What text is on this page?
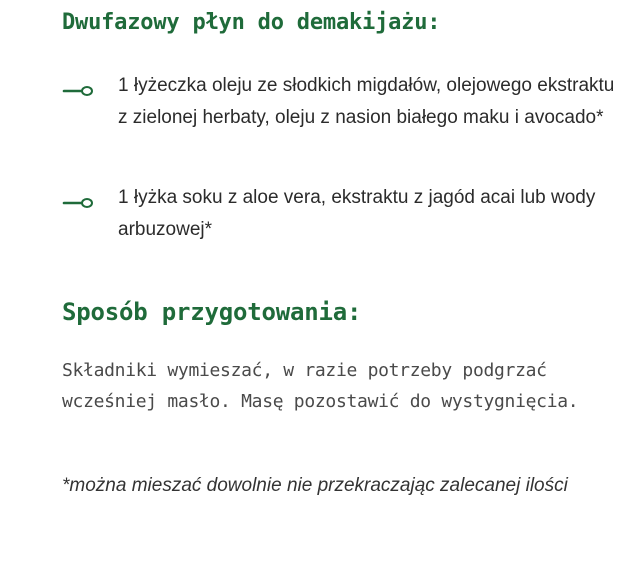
Dwufazowy płyn do demakijażu:
1 łyżeczka oleju ze słodkich migdałów, olejowego ekstraktu z zielonej herbaty, oleju z nasion białego maku i avocado*
1 łyżka soku z aloe vera, ekstraktu z jagód acai lub wody arbuzowej*
Sposób przygotowania:
Składniki wymieszać, w razie potrzeby podgrzać wcześniej masło. Masę pozostawić do wystygnięcia.
*można mieszać dowolnie nie przekraczając zalecanej ilości
